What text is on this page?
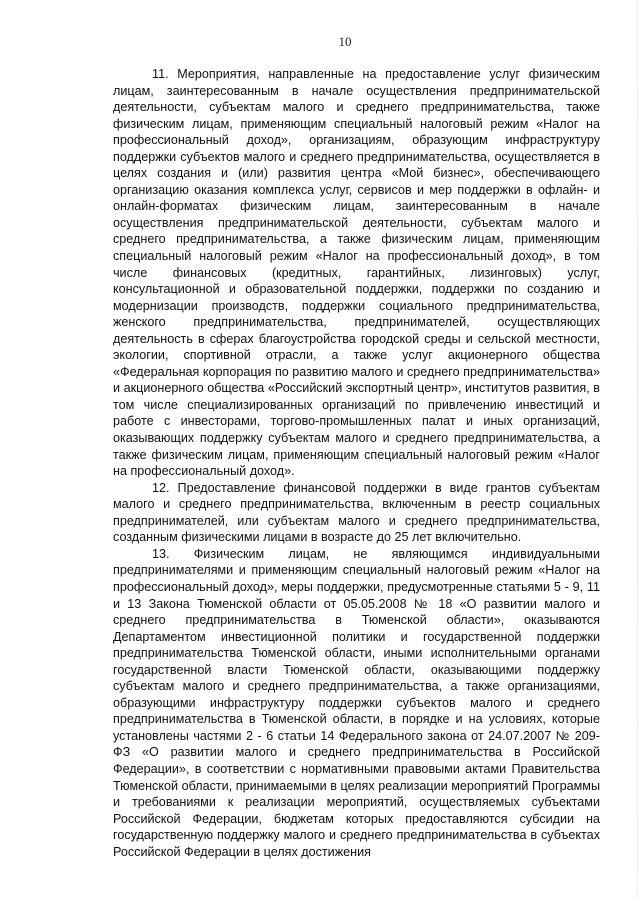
10

11. Мероприятия, направленные на предоставление услуг физическим лицам, заинтересованным в начале осуществления предпринимательской деятельности, субъектам малого и среднего предпринимательства, также физическим лицам, применяющим специальный налоговый режим «Налог на профессиональный доход», организациям, образующим инфраструктуру поддержки субъектов малого и среднего предпринимательства, осуществляется в целях создания и (или) развития центра «Мой бизнес», обеспечивающего организацию оказания комплекса услуг, сервисов и мер поддержки в офлайн- и онлайн-форматах физическим лицам, заинтересованным в начале осуществления предпринимательской деятельности, субъектам малого и среднего предпринимательства, а также физическим лицам, применяющим специальный налоговый режим «Налог на профессиональный доход», в том числе финансовых (кредитных, гарантийных, лизинговых) услуг, консультационной и образовательной поддержки, поддержки по созданию и модернизации производств, поддержки социального предпринимательства, женского предпринимательства, предпринимателей, осуществляющих деятельность в сферах благоустройства городской среды и сельской местности, экологии, спортивной отрасли, а также услуг акционерного общества «Федеральная корпорация по развитию малого и среднего предпринимательства» и акционерного общества «Российский экспортный центр», институтов развития, в том числе специализированных организаций по привлечению инвестиций и работе с инвесторами, торгово-промышленных палат и иных организаций, оказывающих поддержку субъектам малого и среднего предпринимательства, а также физическим лицам, применяющим специальный налоговый режим «Налог на профессиональный доход».

12. Предоставление финансовой поддержки в виде грантов субъектам малого и среднего предпринимательства, включенным в реестр социальных предпринимателей, или субъектам малого и среднего предпринимательства, созданным физическими лицами в возрасте до 25 лет включительно.

13. Физическим лицам, не являющимся индивидуальными предпринимателями и применяющим специальный налоговый режим «Налог на профессиональный доход», меры поддержки, предусмотренные статьями 5 - 9, 11 и 13 Закона Тюменской области от 05.05.2008 № 18 «О развитии малого и среднего предпринимательства в Тюменской области», оказываются Департаментом инвестиционной политики и государственной поддержки предпринимательства Тюменской области, иными исполнительными органами государственной власти Тюменской области, оказывающими поддержку субъектам малого и среднего предпринимательства, а также организациями, образующими инфраструктуру поддержки субъектов малого и среднего предпринимательства в Тюменской области, в порядке и на условиях, которые установлены частями 2 - 6 статьи 14 Федерального закона от 24.07.2007 № 209-ФЗ «О развитии малого и среднего предпринимательства в Российской Федерации», в соответствии с нормативными правовыми актами Правительства Тюменской области, принимаемыми в целях реализации мероприятий Программы и требованиями к реализации мероприятий, осуществляемых субъектами Российской Федерации, бюджетам которых предоставляются субсидии на государственную поддержку малого и среднего предпринимательства в субъектах Российской Федерации в целях достижения
